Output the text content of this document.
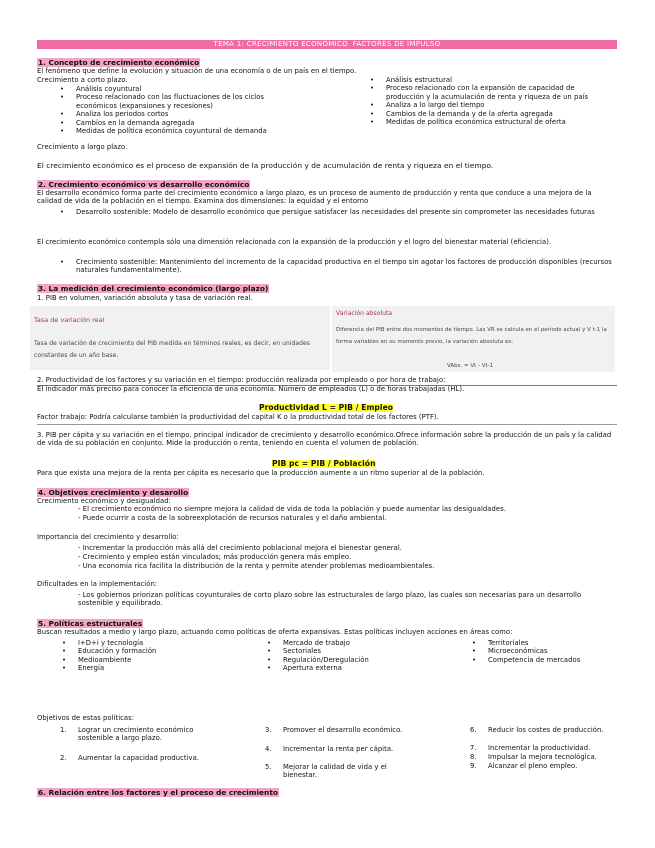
TEMA 1: CRECIMIENTO ECONÓMICO. FACTORES DE IMPULSO
1. Concepto de crecimiento económico
El fenómeno que define la evolución y situación de una economía o de un país en el tiempo.
Crecimiento a corto plazo.
• Análisis coyuntural
• Proceso relacionado con las fluctuaciones de los ciclos económicos (expansiones y recesiones)
• Analiza los periodos cortos
• Cambios en la demanda agregada
• Medidas de política económica coyuntural de demanda
Crecimiento a largo plazo.
• Análisis estructural
• Proceso relacionado con la expansión de capacidad de producción y la acumulación de renta y riqueza de un país
• Analiza a lo largo del tiempo
• Cambios de la demanda y de la oferta agregada
• Medidas de política económica estructural de oferta
El crecimiento económico es el proceso de expansión de la producción y de acumulación de renta y riqueza en el tiempo.
2. Crecimiento económico vs desarrollo económico
El desarrollo económico forma parte del crecimiento económico a largo plazo, es un proceso de aumento de producción y renta que conduce a una mejora de la calidad de vida de la población en el tiempo. Examina dos dimensiones: la equidad y el entorno
• Desarrollo sostenible: Modelo de desarrollo económico que persigue satisfacer las necesidades del presente sin comprometer las necesidades futuras
El crecimiento económico contempla sólo una dimensión relacionada con la expansión de la producción y el logro del bienestar material (eficiencia).
• Crecimiento sostenible: Mantenimiento del incremento de la capacidad productiva en el tiempo sin agotar los factores de producción disponibles (recursos naturales fundamentalmente).
3. La medición del crecimiento económico (largo plazo)
1. PIB en volumen, variación absoluta y tasa de variación real.
Tasa de variación real
Tasa de variación de crecimiento del PIB medida en términos reales, es decir, en unidades constantes de un año base.
Variación absoluta
Diferencia del PIB entre dos momentos de tiempo. Las VR se calcula en el periodo actual y V t-1 la forma variables en su momento previo, la variación absoluta es:
VAbs. = Vt - Vt-1
2. Productividad de los factores y su variación en el tiempo: producción realizada por empleado o por hora de trabajo:
El indicador más preciso para conocer la eficiencia de una economía. Número de empleados (L) o de horas trabajadas (HL).
Productividad L = PIB / Empleo
Factor trabajo: Podría calcularse también la productividad del capital K o la productividad total de los factores (PTF).
3. PIB per cápita y su variación en el tiempo. principal indicador de crecimiento y desarrollo económico.Ofrece información sobre la producción de un país y la calidad de vida de su población en conjunto. Mide la producción o renta, teniendo en cuenta el volumen de población.
PIB pc = PIB / Población
Para que exista una mejora de la renta per cápita es necesario que la producción aumente a un ritmo superior al de la población.
4. Objetivos crecimiento y desarollo
Crecimiento económico y desigualdad:
- El crecimiento económico no siempre mejora la calidad de vida de toda la población y puede aumentar las desigualdades.
- Puede ocurrir a costa de la sobreexplotación de recursos naturales y el daño ambiental.
Importancia del crecimiento y desarrollo:
- Incrementar la producción más allá del crecimiento poblacional mejora el bienestar general.
- Crecimiento y empleo están vinculados; más producción genera más empleo.
- Una economía rica facilita la distribución de la renta y permite atender problemas medioambientales.
Dificultades en la implementación:
- Los gobiernos priorizan políticas coyunturales de corto plazo sobre las estructurales de largo plazo, las cuales son necesarias para un desarrollo sostenible y equilibrado.
5. Políticas estructurales
Buscan resultados a medio y largo plazo, actuando como políticas de oferta expansivas. Estas políticas incluyen acciones en áreas como:
• I+D+i y tecnología
• Educación y formación
• Medioambiente
• Energía
• Mercado de trabajo
• Sectoriales
• Regulación/Deregulación
• Apertura externa
• Territoriales
• Microeconómicas
• Competencia de mercados
Objetivos de estas políticas:
1. Lograr un crecimiento económico sostenible a largo plazo.
2. Aumentar la capacidad productiva.
3. Promover el desarrollo económico.
4. Incrementar la renta per cápita.
5. Mejorar la calidad de vida y el bienestar.
6. Reducir los costes de producción.
7. Incrementar la productividad.
8. Impulsar la mejora tecnológica.
9. Alcanzar el pleno empleo.
6. Relación entre los factores y el proceso de crecimiento
